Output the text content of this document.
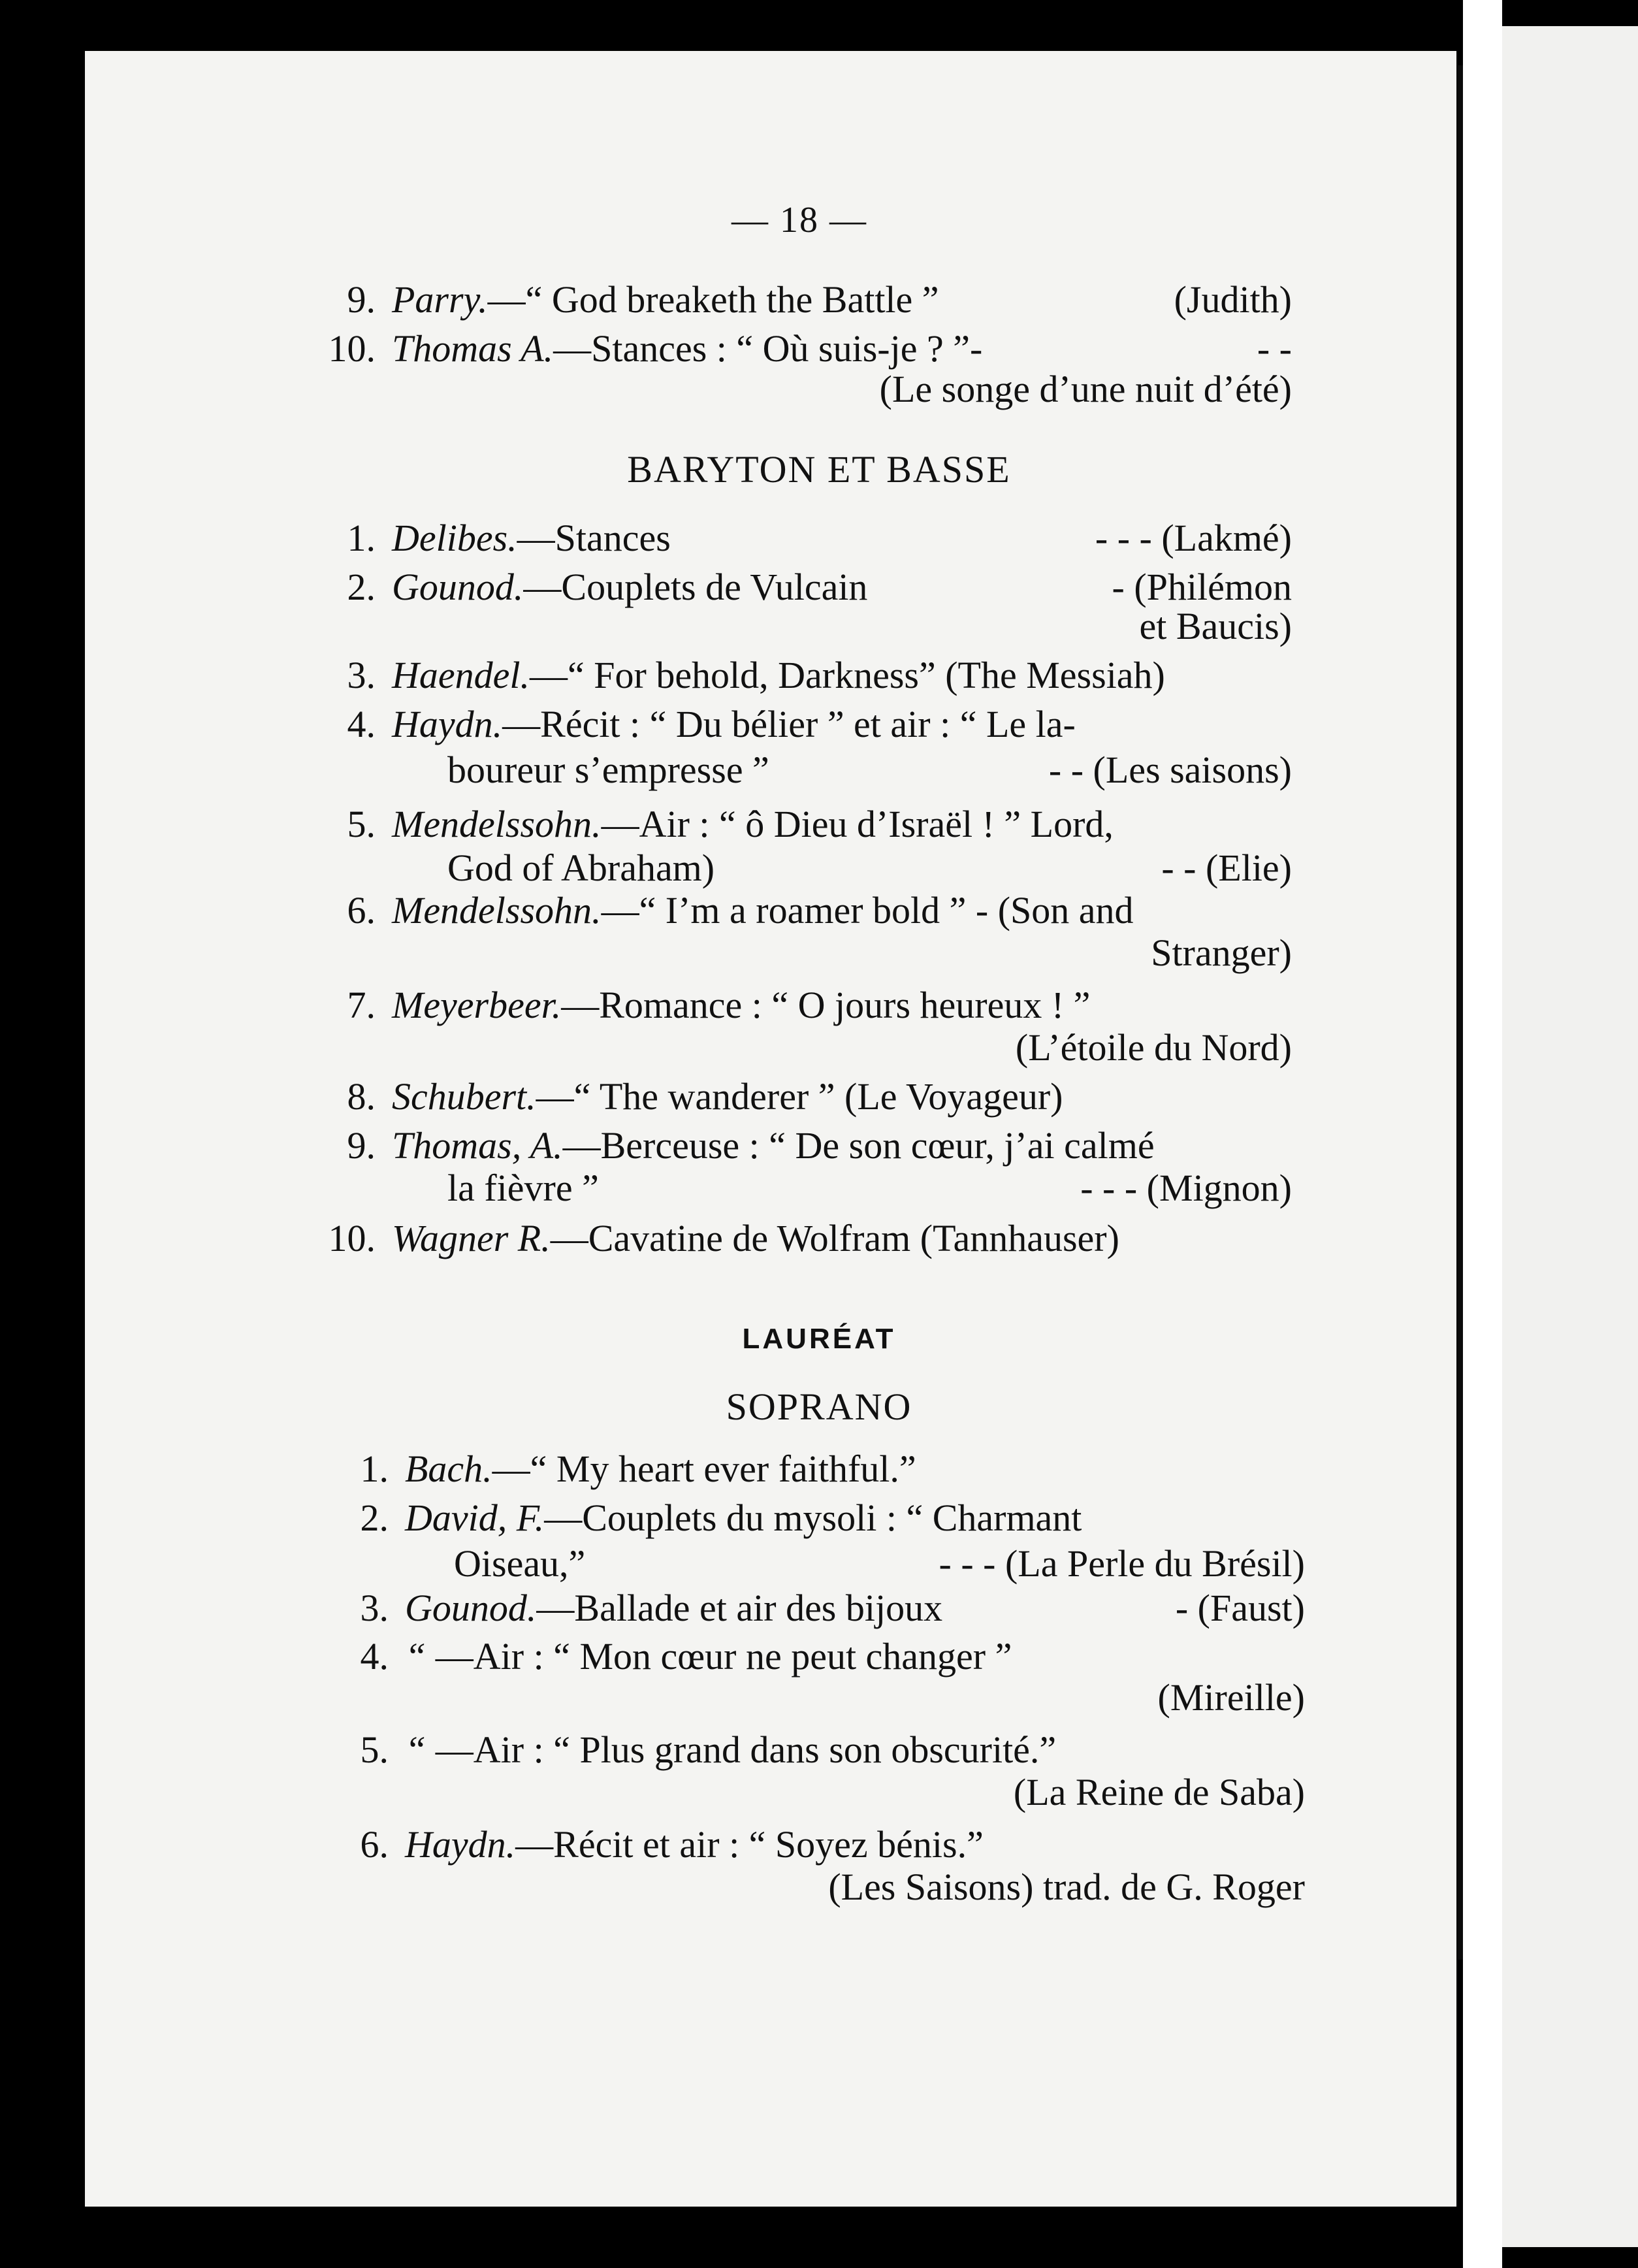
— 18 —
9. Parry.—“ God breaketh the Battle ”	(Judith)
10. Thomas A.—Stances : “ Où suis-je ? ”-	- -
(Le songe d’une nuit d’été)
BARYTON ET BASSE
1. Delibes.—Stances	- - - (Lakmé)
2. Gounod.—Couplets de Vulcain	- (Philémon
et Baucis)
3. Haendel.—“ For behold, Darkness” (The Messiah)
4. Haydn.—Récit : “ Du bélier ” et air : “ Le la-
boureur s’empresse ”	- - (Les saisons)
5. Mendelssohn.—Air : “ ô Dieu d’Israël ! ” Lord,
God of Abraham)	- - (Elie)
6. Mendelssohn.—“ I’m a roamer bold ” - (Son and
Stranger)
7. Meyerbeer.—Romance : “ O jours heureux ! ”
(L’étoile du Nord)
8. Schubert.—“ The wanderer ” (Le Voyageur)
9. Thomas, A.—Berceuse : “ De son cœur, j’ai calmé
la fièvre ”	- - - (Mignon)
10. Wagner R.—Cavatine de Wolfram (Tannhauser)
LAURÉAT
SOPRANO
1. Bach.—“ My heart ever faithful.”
2. David, F.—Couplets du mysoli : “ Charmant
Oiseau,”	- - - (La Perle du Brésil)
3. Gounod.—Ballade et air des bijoux	- (Faust)
4. “ —Air : “ Mon cœur ne peut changer ”
(Mireille)
5. “ —Air : “ Plus grand dans son obscurité.”
(La Reine de Saba)
6. Haydn.—Récit et air : “ Soyez bénis.”
(Les Saisons) trad. de G. Roger
